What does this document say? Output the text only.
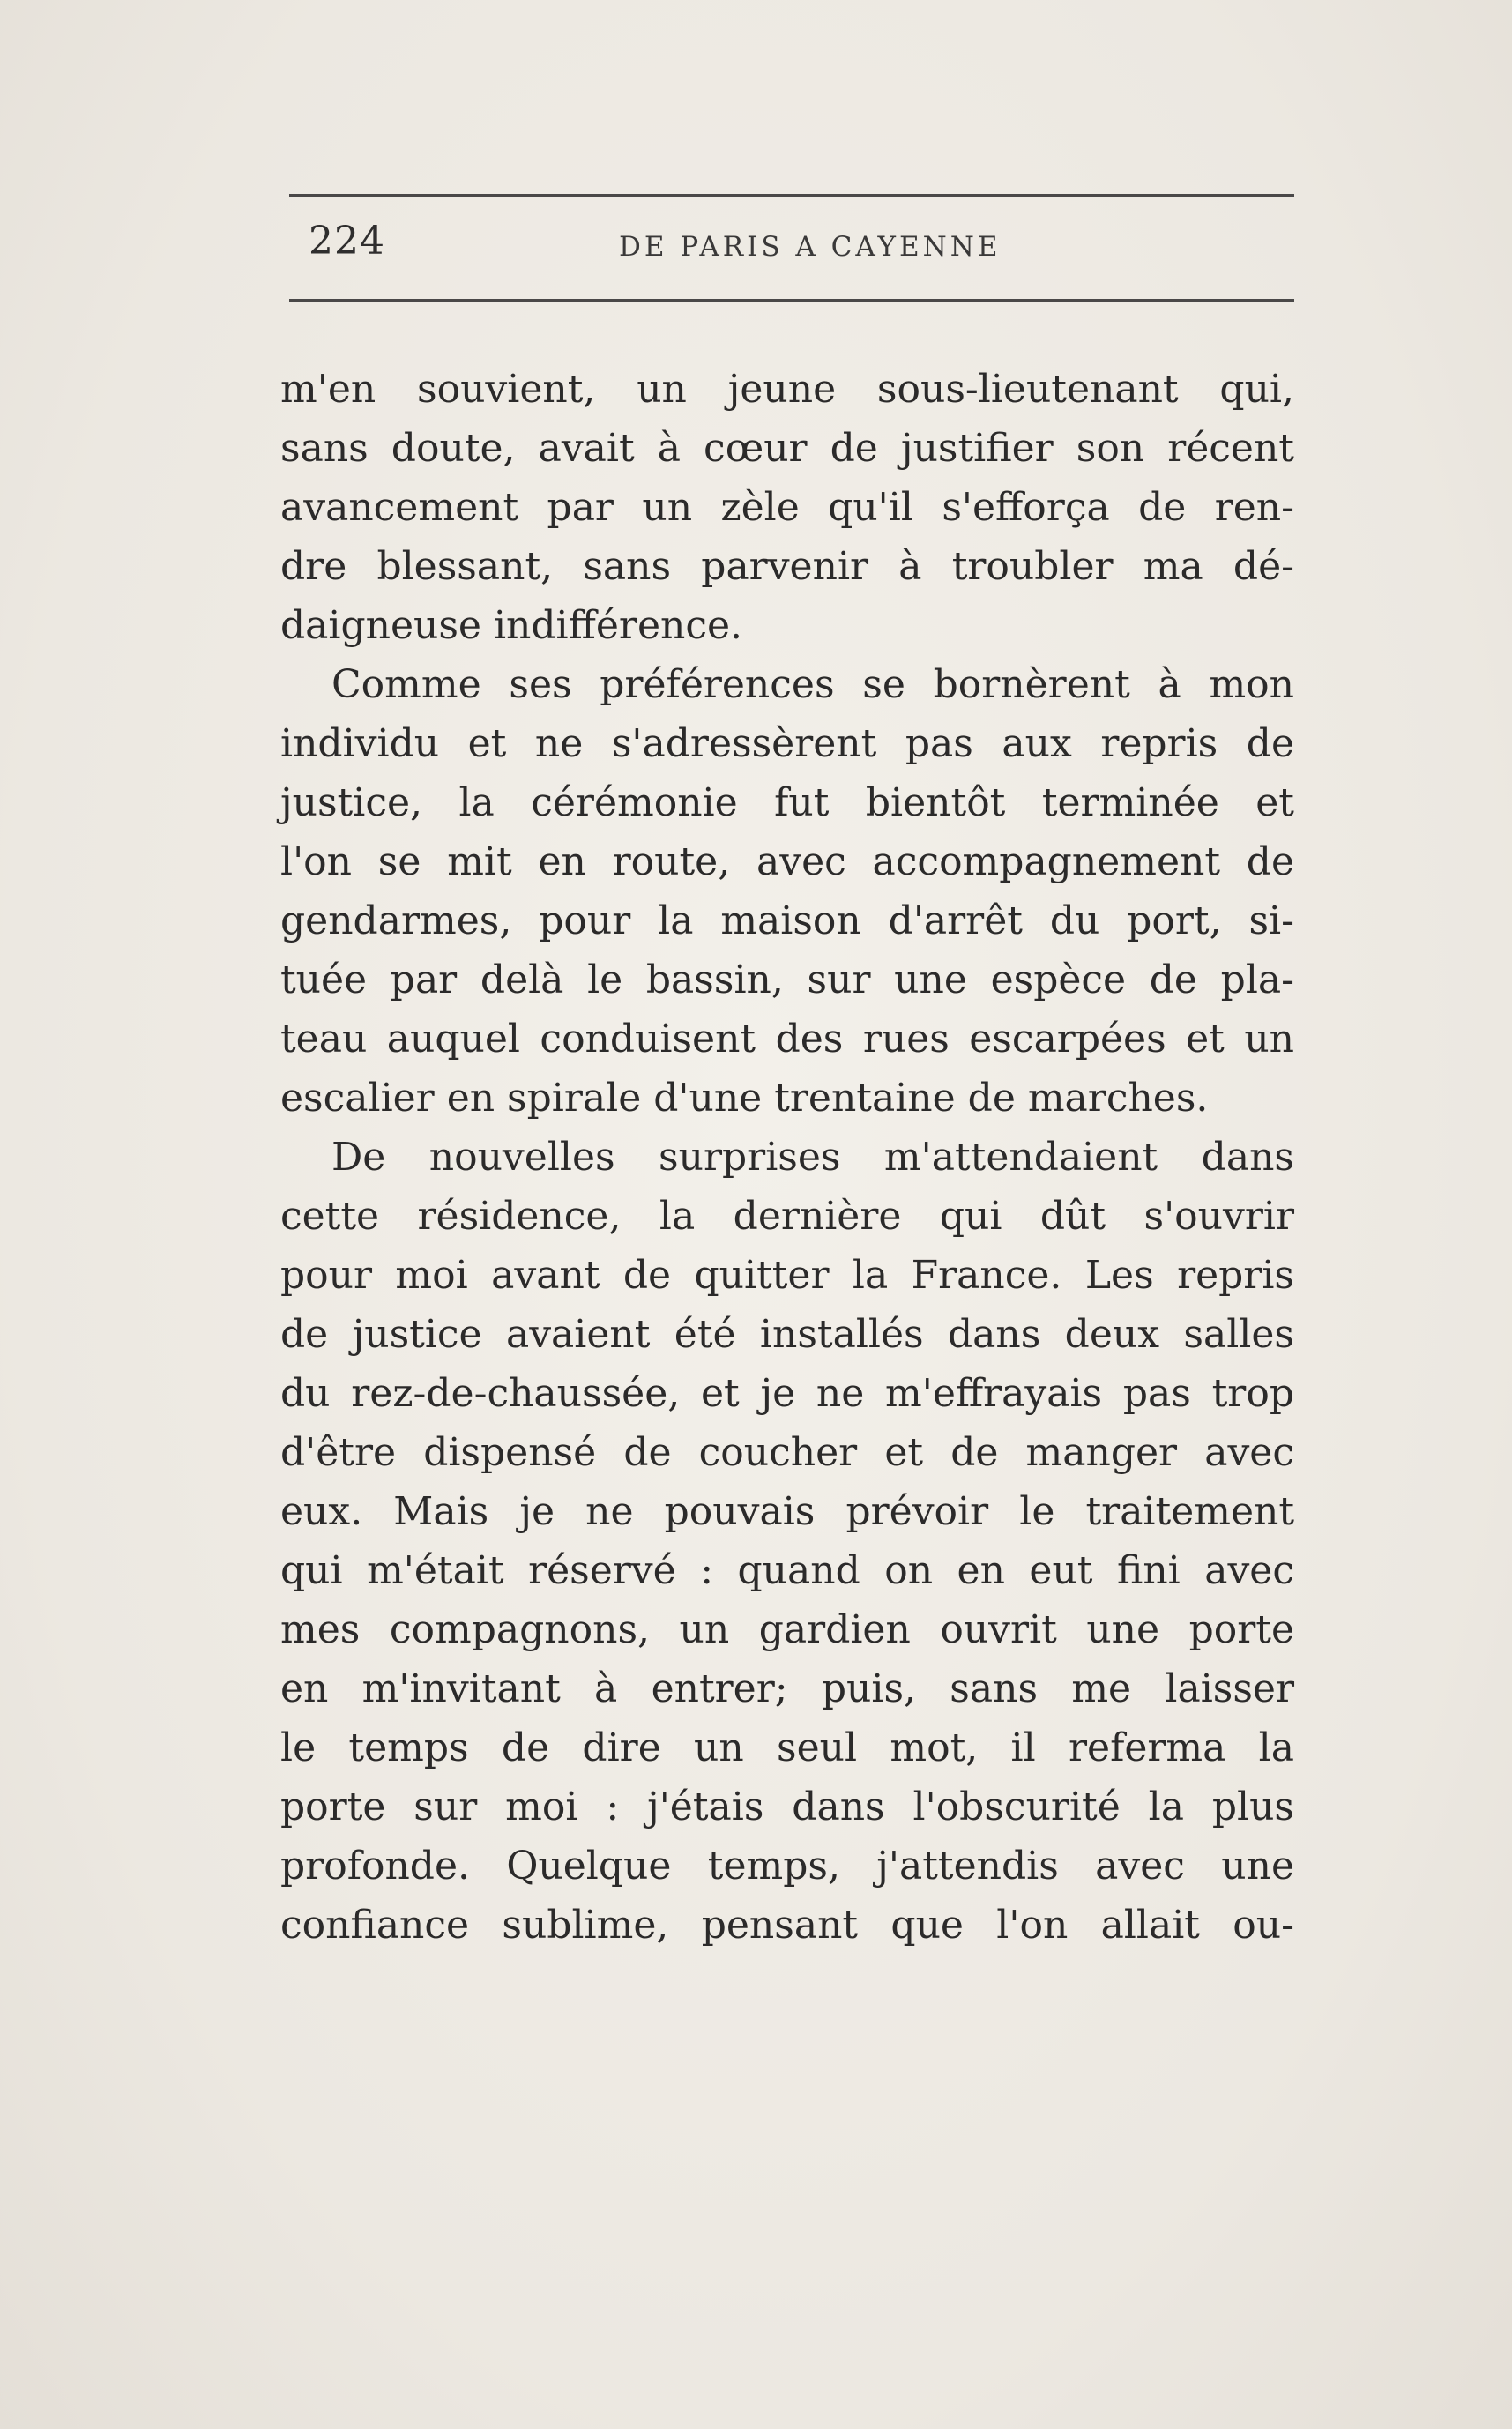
224	DE PARIS A CAYENNE
m'en souvient, un jeune sous-lieutenant qui,
sans doute, avait à cœur de justifier son récent
avancement par un zèle qu'il s'efforça de ren-
dre blessant, sans parvenir à troubler ma dé-
daigneuse indifférence.
Comme ses préférences se bornèrent à mon
individu et ne s'adressèrent pas aux repris de
justice, la cérémonie fut bientôt terminée et
l'on se mit en route, avec accompagnement de
gendarmes, pour la maison d'arrêt du port, si-
tuée par delà le bassin, sur une espèce de pla-
teau auquel conduisent des rues escarpées et un
escalier en spirale d'une trentaine de marches.
De nouvelles surprises m'attendaient dans
cette résidence, la dernière qui dût s'ouvrir
pour moi avant de quitter la France. Les repris
de justice avaient été installés dans deux salles
du rez-de-chaussée, et je ne m'effrayais pas trop
d'être dispensé de coucher et de manger avec
eux. Mais je ne pouvais prévoir le traitement
qui m'était réservé : quand on en eut fini avec
mes compagnons, un gardien ouvrit une porte
en m'invitant à entrer; puis, sans me laisser
le temps de dire un seul mot, il referma la
porte sur moi : j'étais dans l'obscurité la plus
profonde. Quelque temps, j'attendis avec une
confiance sublime, pensant que l'on allait ou-
